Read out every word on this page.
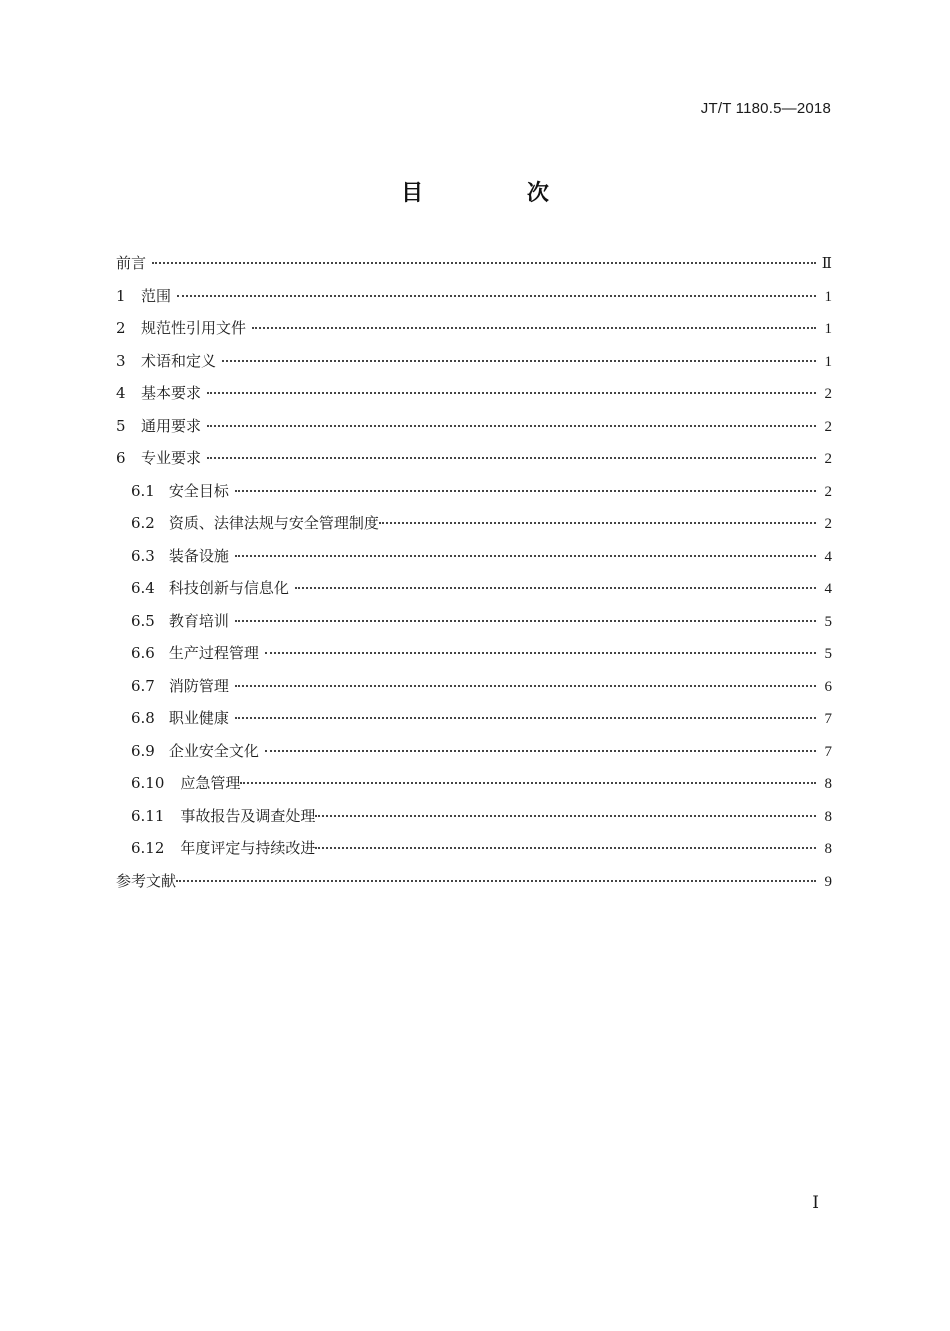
JT/T 1180.5—2018
目 次
前言	Ⅱ
1	范围	1
2	规范性引用文件	1
3	术语和定义	1
4	基本要求	2
5	通用要求	2
6	专业要求	2
6.1 安全目标	2
6.2 资质、法律法规与安全管理制度	2
6.3 装备设施	4
6.4 科技创新与信息化	4
6.5 教育培训	5
6.6 生产过程管理	5
6.7 消防管理	6
6.8 职业健康	7
6.9 企业安全文化	7
6.10	应急管理	8
6.11	事故报告及调查处理	8
6.12	年度评定与持续改进	8
参考文献	9
Ⅰ
